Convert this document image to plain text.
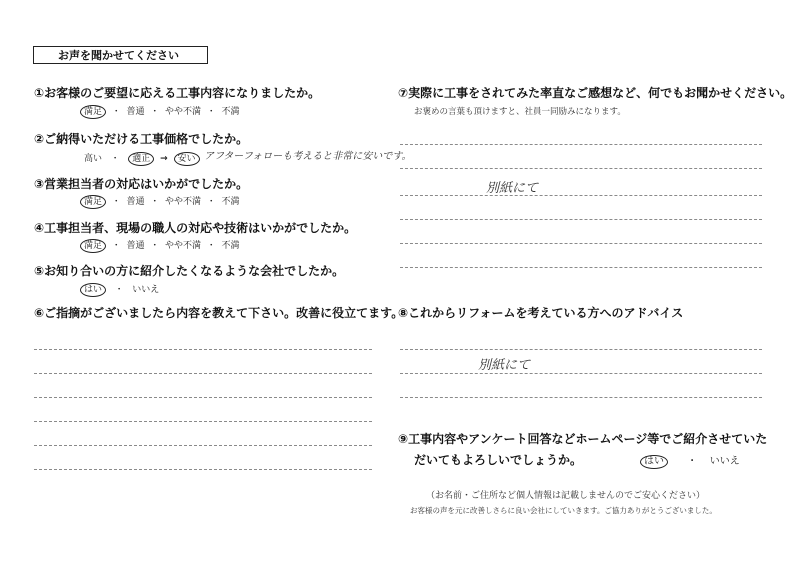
お声を聞かせてください
①お客様のご要望に応える工事内容になりましたか。
満足 ・ 普通 ・ やや不満 ・ 不満
②ご納得いただける工事価格でしたか。
高い ・ 適正 → 安い アフターフォローも考えると非常に安いです。
③営業担当者の対応はいかがでしたか。
満足 ・ 普通 ・ やや不満 ・ 不満
④工事担当者、現場の職人の対応や技術はいかがでしたか。
満足 ・ 普通 ・ やや不満 ・ 不満
⑤お知り合いの方に紹介したくなるような会社でしたか。
はい ・ いいえ
⑥ご指摘がございましたら内容を教えて下さい。改善に役立てます。
⑦実際に工事をされてみた率直なご感想など、何でもお聞かせください。
お褒めの言葉も頂けますと、社員一同励みになります。
別紙にて
⑧これからリフォームを考えている方へのアドバイス
別紙にて
⑨工事内容やアンケート回答などホームページ等でご紹介させていた
だいてもよろしいでしょうか。	はい ・ いいえ
（お名前・ご住所など個人情報は記載しませんのでご安心ください）
お客様の声を元に改善しさらに良い会社にしていきます。ご協力ありがとうございました。
